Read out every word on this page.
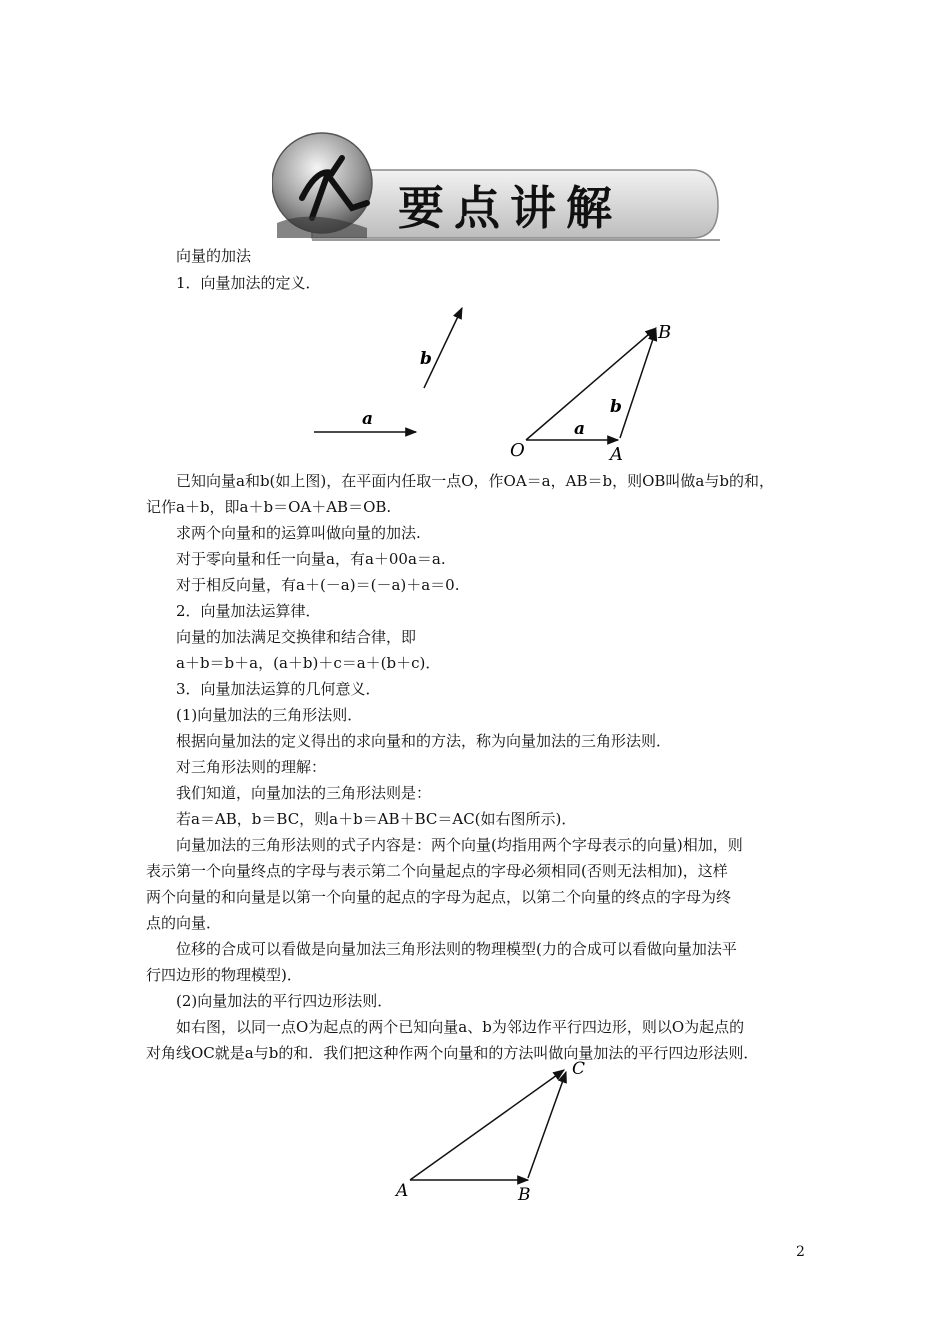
要点讲解
向量的加法
1．向量加法的定义．
a
b
a
b
O	A
B
已知向量a和b(如上图)，在平面内任取一点O，作OA＝a，AB＝b，则OB叫做a与b的和，
记作a＋b，即a＋b＝OA＋AB＝OB.
求两个向量和的运算叫做向量的加法.
对于零向量和任一向量a，有a＋00a＝a.
对于相反向量，有a＋(－a)＝(－a)＋a＝0.
2．向量加法运算律．
向量的加法满足交换律和结合律，即
a＋b＝b＋a，(a＋b)＋c＝a＋(b＋c)．
3．向量加法运算的几何意义．
(1)向量加法的三角形法则．
根据向量加法的定义得出的求向量和的方法，称为向量加法的三角形法则．
对三角形法则的理解：
我们知道，向量加法的三角形法则是：
若a＝AB，b＝BC，则a＋b＝AB＋BC＝AC(如右图所示)．
向量加法的三角形法则的式子内容是：两个向量(均指用两个字母表示的向量)相加，则
表示第一个向量终点的字母与表示第二个向量起点的字母必须相同(否则无法相加)，这样
两个向量的和向量是以第一个向量的起点的字母为起点，以第二个向量的终点的字母为终
点的向量．
位移的合成可以看做是向量加法三角形法则的物理模型(力的合成可以看做向量加法平
行四边形的物理模型)．
(2)向量加法的平行四边形法则．
如右图，以同一点O为起点的两个已知向量a、b为邻边作平行四边形，则以O为起点的
对角线OC就是a与b的和．我们把这种作两个向量和的方法叫做向量加法的平行四边形法则．
A	B
C
2
